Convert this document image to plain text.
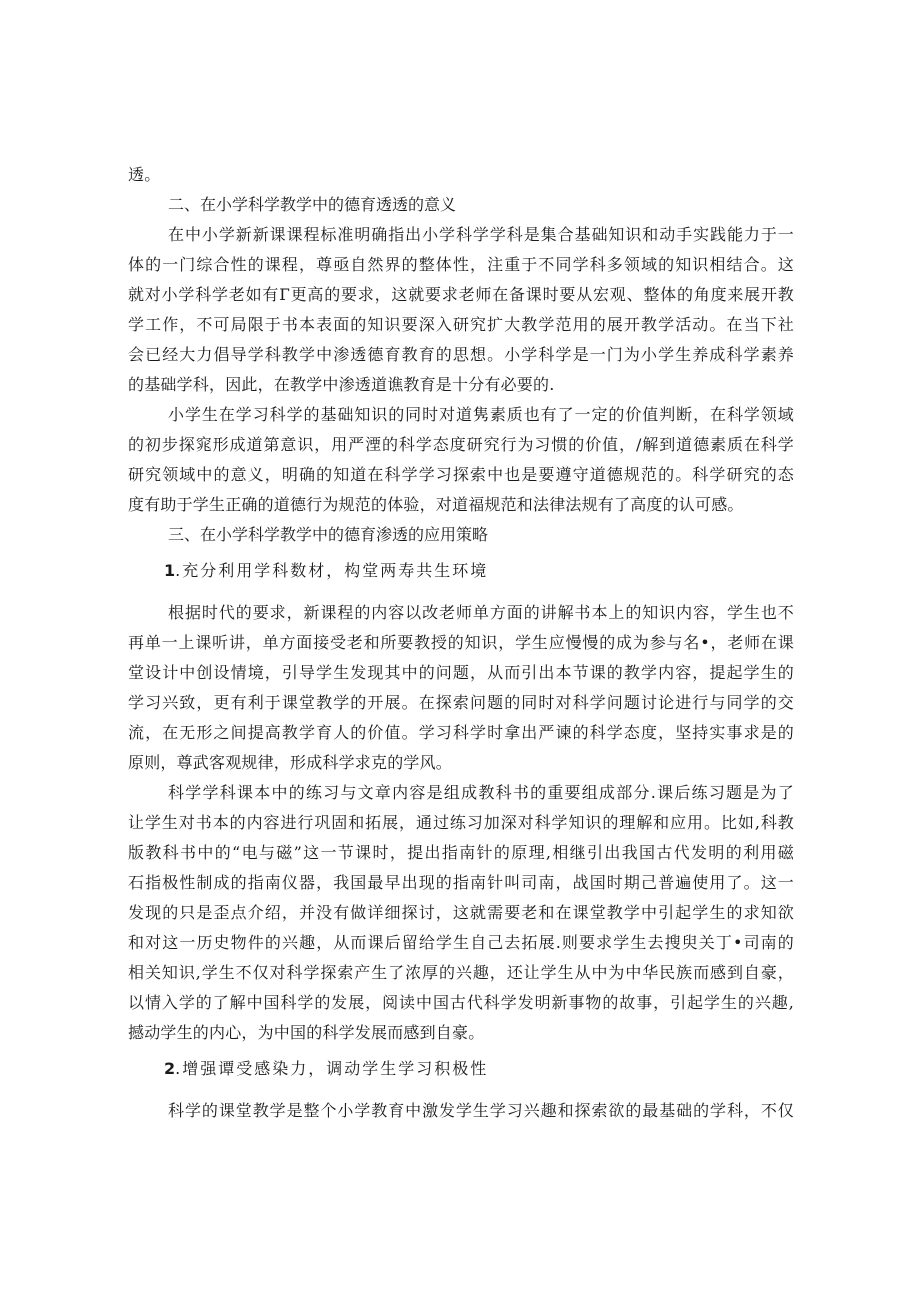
透。
二、在小学科学教学中的德育透透的意义
在中小学新新课课程标准明确指出小学科学学科是集合基础知识和动手实践能力于一
体的一门综合性的课程，尊亟自然界的整体性，注重于不同学科多领域的知识相结合。这
就对小学科学老如有Г更高的要求，这就要求老师在备课时要从宏观、整体的角度来展开教
学工作，不可局限于书本表面的知识要深入研究扩大教学范用的展开教学活动。在当下社
会已经大力倡导学科教学中渗透德育教育的思想。小学科学是一门为小学生养成科学素养
的基础学科，因此，在教学中渗透道谯教育是十分有必要的.
小学生在学习科学的基础知识的同时对道隽素质也有了一定的价值判断，在科学领域
的初步探窕形成道第意识，用严湮的科学态度研究行为习惯的价值，/解到道德素质在科学
研究领域中的意义，明确的知道在科学学习探索中也是要遵守道德规范的。科学研究的态
度有助于学生正确的道德行为规范的体验，对道福规范和法律法规有了高度的认可感。
三、在小学科学教学中的德育渗透的应用策略
1.充分利用学科数材，构堂两寿共生环境
根据时代的要求，新课程的内容以改老师单方面的讲解书本上的知识内容，学生也不
再单一上课听讲，单方面接受老和所要教授的知识，学生应慢慢的成为参与名•，老师在课
堂设计中创设情境，引导学生发现其中的问题，从而引出本节课的教学内容，提起学生的
学习兴致，更有利于课堂教学的开展。在探索问题的同时对科学问题讨论进行与同学的交
流，在无形之间提高教学育人的价值。学习科学时拿出严谏的科学态度，坚持实事求是的
原则，尊武客观规律，形成科学求克的学风。
科学学科课本中的练习与文章内容是组成教科书的重要组成部分.课后练习题是为了
让学生对书本的内容进行巩固和拓展，通过练习加深对科学知识的理解和应用。比如,科教
版教科书中的“电与磁”这一节课时，提出指南针的原理,相继引出我国古代发明的利用磁
石指极性制成的指南仪器，我国最早出现的指南针叫司南，战国时期己普遍使用了。这一
发现的只是歪点介绍，并没有做详细探讨，这就需要老和在课堂教学中引起学生的求知欲
和对这一历史物件的兴趣，从而课后留给学生自己去拓展.则要求学生去搜臾关丁•司南的
相关知识,学生不仅对科学探索产生了浓厚的兴趣，还让学生从中为中华民族而感到自豪，
以情入学的了解中国科学的发展，阅读中国古代科学发明新事物的故事，引起学生的兴趣,
撼动学生的内心，为中国的科学发展而感到自豪。
2.增强谭受感染力，调动学生学习积极性
科学的课堂教学是整个小学教育中激发学生学习兴趣和探索欲的最基础的学科，不仅
